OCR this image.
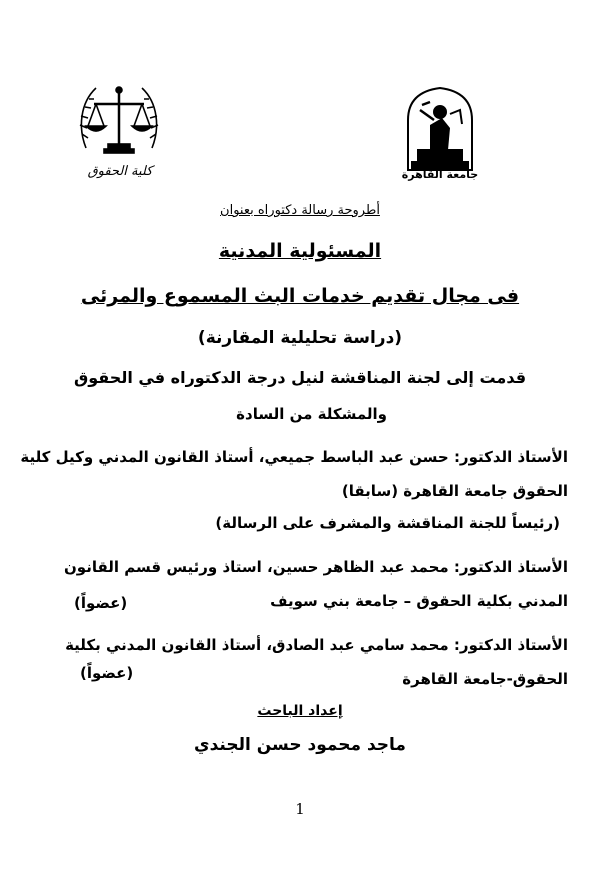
كلية الحقوق	جامعة القاهرة
أطروحة رسالة دكتوراه بعنوان
المسئولية المدنية
فى مجال تقديم خدمات البث المسموع والمرئى
(دراسة تحليلية المقارنة)
قدمت إلى لجنة المناقشة لنيل درجة الدكتوراه في الحقوق
والمشكلة من السادة
الأستاذ الدكتور: حسن عبد الباسط جميعي، أستاذ القانون المدني وكيل كلية
الحقوق جامعة القاهرة (سابقا)
(رئيساً للجنة المناقشة والمشرف على الرسالة)
الأستاذ الدكتور: محمد عبد الظاهر حسين، استاذ ورئيس قسم القانون
المدني بكلية الحقوق – جامعة بني سويف
(عضواً)
الأستاذ الدكتور: محمد سامي عبد الصادق، أستاذ القانون المدني بكلية
الحقوق-جامعة القاهرة
(عضواً)
إعداد الباحث
ماجد محمود حسن الجندي
1
